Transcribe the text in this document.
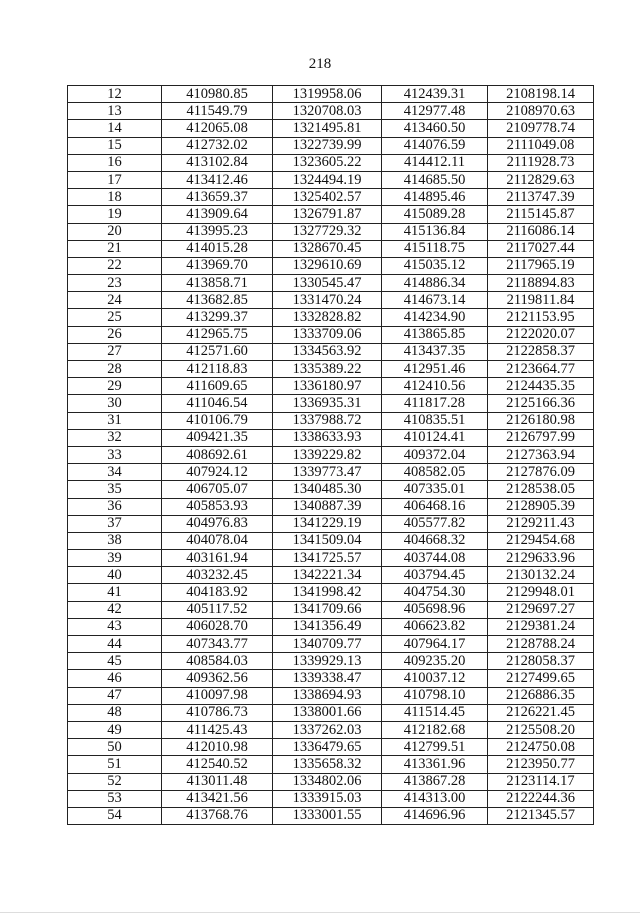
218
12	410980.85	1319958.06	412439.31	2108198.14
13	411549.79	1320708.03	412977.48	2108970.63
14	412065.08	1321495.81	413460.50	2109778.74
15	412732.02	1322739.99	414076.59	2111049.08
16	413102.84	1323605.22	414412.11	2111928.73
17	413412.46	1324494.19	414685.50	2112829.63
18	413659.37	1325402.57	414895.46	2113747.39
19	413909.64	1326791.87	415089.28	2115145.87
20	413995.23	1327729.32	415136.84	2116086.14
21	414015.28	1328670.45	415118.75	2117027.44
22	413969.70	1329610.69	415035.12	2117965.19
23	413858.71	1330545.47	414886.34	2118894.83
24	413682.85	1331470.24	414673.14	2119811.84
25	413299.37	1332828.82	414234.90	2121153.95
26	412965.75	1333709.06	413865.85	2122020.07
27	412571.60	1334563.92	413437.35	2122858.37
28	412118.83	1335389.22	412951.46	2123664.77
29	411609.65	1336180.97	412410.56	2124435.35
30	411046.54	1336935.31	411817.28	2125166.36
31	410106.79	1337988.72	410835.51	2126180.98
32	409421.35	1338633.93	410124.41	2126797.99
33	408692.61	1339229.82	409372.04	2127363.94
34	407924.12	1339773.47	408582.05	2127876.09
35	406705.07	1340485.30	407335.01	2128538.05
36	405853.93	1340887.39	406468.16	2128905.39
37	404976.83	1341229.19	405577.82	2129211.43
38	404078.04	1341509.04	404668.32	2129454.68
39	403161.94	1341725.57	403744.08	2129633.96
40	403232.45	1342221.34	403794.45	2130132.24
41	404183.92	1341998.42	404754.30	2129948.01
42	405117.52	1341709.66	405698.96	2129697.27
43	406028.70	1341356.49	406623.82	2129381.24
44	407343.77	1340709.77	407964.17	2128788.24
45	408584.03	1339929.13	409235.20	2128058.37
46	409362.56	1339338.47	410037.12	2127499.65
47	410097.98	1338694.93	410798.10	2126886.35
48	410786.73	1338001.66	411514.45	2126221.45
49	411425.43	1337262.03	412182.68	2125508.20
50	412010.98	1336479.65	412799.51	2124750.08
51	412540.52	1335658.32	413361.96	2123950.77
52	413011.48	1334802.06	413867.28	2123114.17
53	413421.56	1333915.03	414313.00	2122244.36
54	413768.76	1333001.55	414696.96	2121345.57
